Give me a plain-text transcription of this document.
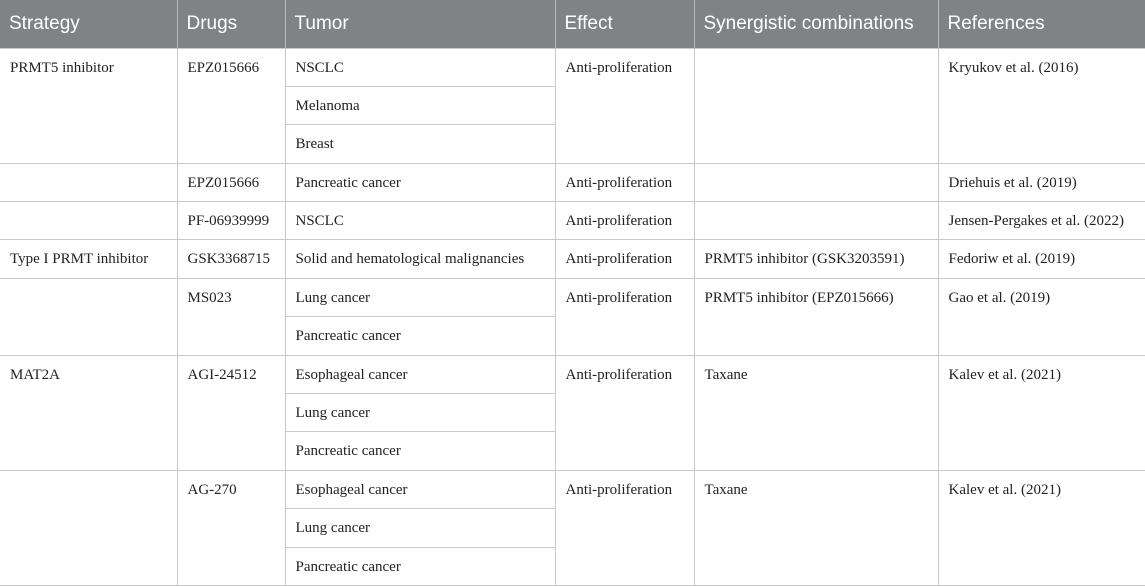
Strategy	Drugs	Tumor	Effect	Synergistic combinations	References
PRMT5 inhibitor	EPZ015666	NSCLC	Anti-proliferation		Kryukov et al. (2016)
		Melanoma			
		Breast			
	EPZ015666	Pancreatic cancer	Anti-proliferation		Driehuis et al. (2019)
	PF-06939999	NSCLC	Anti-proliferation		Jensen-Pergakes et al. (2022)
Type I PRMT inhibitor	GSK3368715	Solid and hematological malignancies	Anti-proliferation	PRMT5 inhibitor (GSK3203591)	Fedoriw et al. (2019)
	MS023	Lung cancer	Anti-proliferation	PRMT5 inhibitor (EPZ015666)	Gao et al. (2019)
		Pancreatic cancer			
MAT2A	AGI-24512	Esophageal cancer	Anti-proliferation	Taxane	Kalev et al. (2021)
		Lung cancer			
		Pancreatic cancer			
	AG-270	Esophageal cancer	Anti-proliferation	Taxane	Kalev et al. (2021)
		Lung cancer			
		Pancreatic cancer			
